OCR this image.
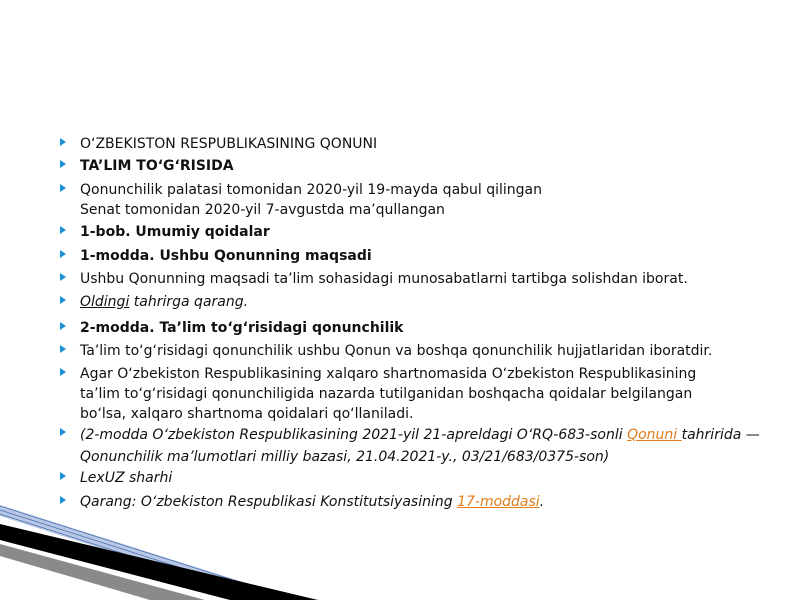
O‘ZBEKISTON RESPUBLIKASINING QONUNI
TA’LIM TO‘G‘RISIDA
Qonunchilik palatasi tomonidan 2020-yil 19-mayda qabul qilingan
Senat tomonidan 2020-yil 7-avgustda ma’qullangan
1-bob. Umumiy qoidalar
1-modda. Ushbu Qonunning maqsadi
Ushbu Qonunning maqsadi ta’lim sohasidagi munosabatlarni tartibga solishdan iborat.
Oldingi tahrirga qarang.
2-modda. Ta’lim to‘g‘risidagi qonunchilik
Ta’lim to‘g‘risidagi qonunchilik ushbu Qonun va boshqa qonunchilik hujjatlaridan iboratdir.
Agar O‘zbekiston Respublikasining xalqaro shartnomasida O‘zbekiston Respublikasining
ta’lim to‘g‘risidagi qonunchiligida nazarda tutilganidan boshqacha qoidalar belgilangan
bo‘lsa, xalqaro shartnoma qoidalari qo‘llaniladi.
(2-modda O‘zbekiston Respublikasining 2021-yil 21-apreldagi O‘RQ-683-sonli Qonuni tahririda —
Qonunchilik ma’lumotlari milliy bazasi, 21.04.2021-y., 03/21/683/0375-son)
LexUZ sharhi
Qarang: O‘zbekiston Respublikasi Konstitutsiyasining 17-moddasi.
